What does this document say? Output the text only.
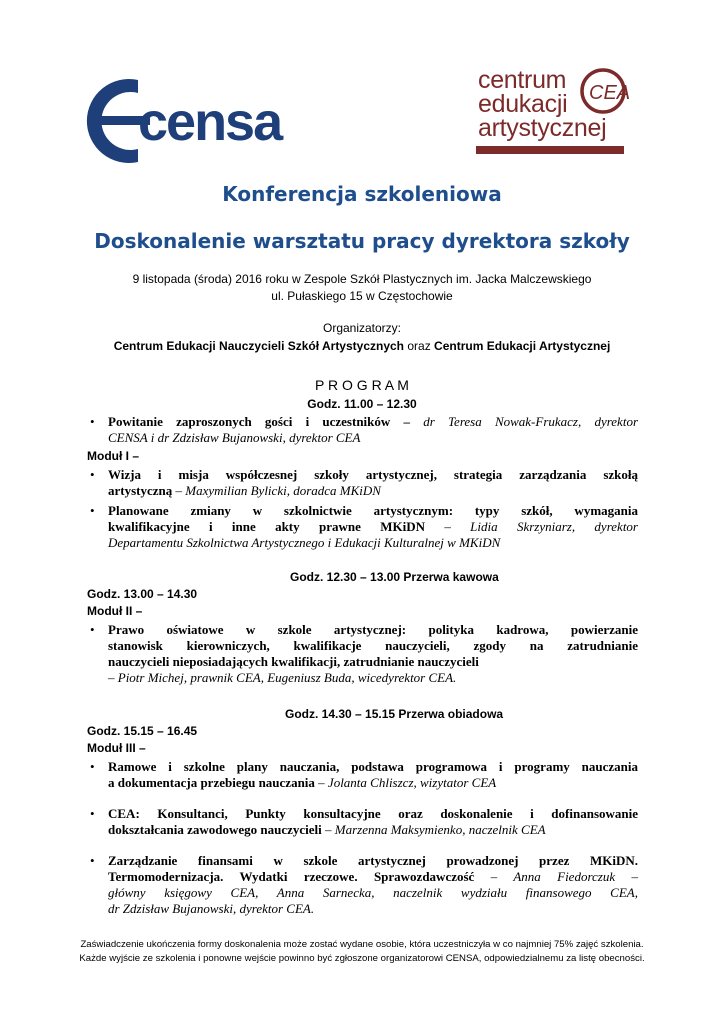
censa
centrum
edukacji
artystycznej
CEA
Konferencja szkoleniowa
Doskonalenie warsztatu pracy dyrektora szkoły
9 listopada (środa) 2016 roku w Zespole Szkół Plastycznych im. Jacka Malczewskiego
ul. Pułaskiego 15 w Częstochowie
Organizatorzy:
Centrum Edukacji Nauczycieli Szkół Artystycznych oraz Centrum Edukacji Artystycznej
P R O G R A M
Godz. 11.00 – 12.30
• Powitanie zaproszonych gości i uczestników – dr Teresa Nowak-Frukacz, dyrektor
CENSA i dr Zdzisław Bujanowski, dyrektor CEA
Moduł I –
• Wizja i misja współczesnej szkoły artystycznej, strategia zarządzania szkołą
artystyczną – Maxymilian Bylicki, doradca MKiDN
• Planowane zmiany w szkolnictwie artystycznym: typy szkół, wymagania
kwalifikacyjne i inne akty prawne MKiDN – Lidia Skrzyniarz, dyrektor
Departamentu Szkolnictwa Artystycznego i Edukacji Kulturalnej w MKiDN
Godz. 12.30 – 13.00 Przerwa kawowa
Godz. 13.00 – 14.30
Moduł II –
• Prawo oświatowe w szkole artystycznej: polityka kadrowa, powierzanie
stanowisk kierowniczych, kwalifikacje nauczycieli, zgody na zatrudnianie
nauczycieli nieposiadających kwalifikacji, zatrudnianie nauczycieli
– Piotr Michej, prawnik CEA, Eugeniusz Buda, wicedyrektor CEA.
Godz. 14.30 – 15.15 Przerwa obiadowa
Godz. 15.15 – 16.45
Moduł III –
• Ramowe i szkolne plany nauczania, podstawa programowa i programy nauczania
a dokumentacja przebiegu nauczania – Jolanta Chliszcz, wizytator CEA
• CEA: Konsultanci, Punkty konsultacyjne oraz doskonalenie i dofinansowanie
dokształcania zawodowego nauczycieli – Marzenna Maksymienko, naczelnik CEA
• Zarządzanie finansami w szkole artystycznej prowadzonej przez MKiDN.
Termomodernizacja. Wydatki rzeczowe. Sprawozdawczość – Anna Fiedorczuk –
główny księgowy CEA, Anna Sarnecka, naczelnik wydziału finansowego CEA,
dr Zdzisław Bujanowski, dyrektor CEA.
Zaświadczenie ukończenia formy doskonalenia może zostać wydane osobie, która uczestniczyła w co najmniej 75% zajęć szkolenia.
Każde wyjście ze szkolenia i ponowne wejście powinno być zgłoszone organizatorowi CENSA, odpowiedzialnemu za listę obecności.
